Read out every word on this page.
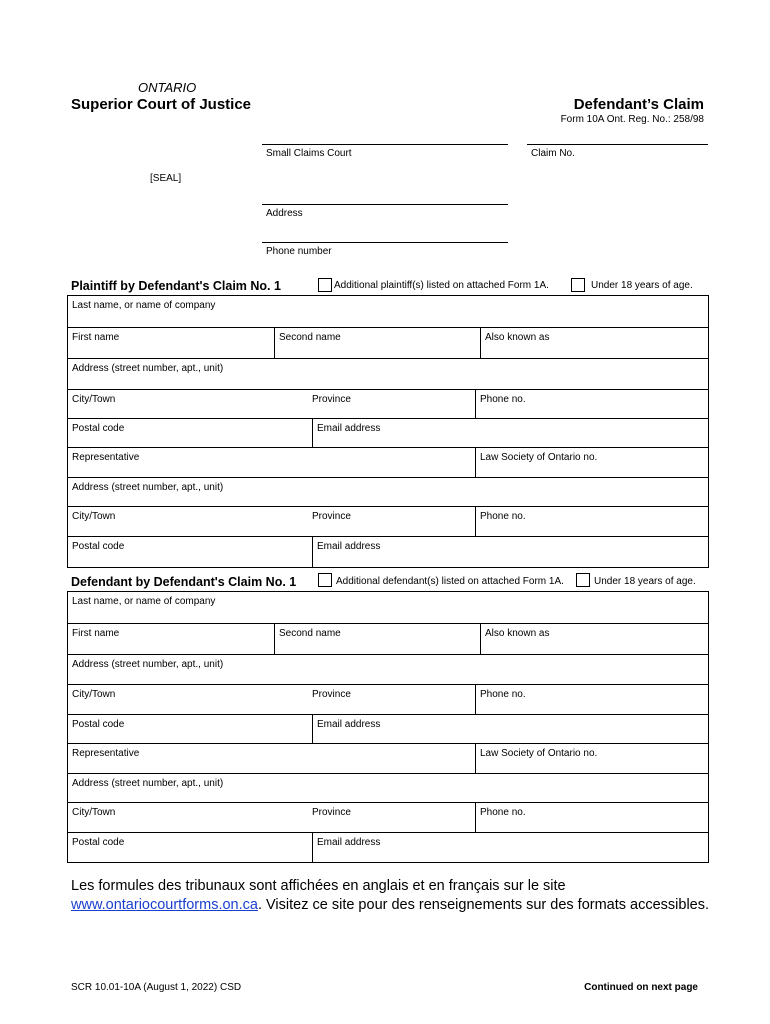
ONTARIO
Superior Court of Justice	Defendant’s Claim
Form 10A Ont. Reg. No.: 258/98
Small Claims Court	Claim No.
[SEAL]
Address
Phone number
Plaintiff by Defendant's Claim No. 1	Additional plaintiff(s) listed on attached Form 1A.	Under 18 years of age.
Last name, or name of company
First name	Second name	Also known as
Address (street number, apt., unit)
City/Town	Province	Phone no.
Postal code	Email address
Representative	Law Society of Ontario no.
Address (street number, apt., unit)
City/Town	Province	Phone no.
Postal code	Email address
Defendant by Defendant's Claim No. 1	Additional defendant(s) listed on attached Form 1A.	Under 18 years of age.
Last name, or name of company
First name	Second name	Also known as
Address (street number, apt., unit)
City/Town	Province	Phone no.
Postal code	Email address
Representative	Law Society of Ontario no.
Address (street number, apt., unit)
City/Town	Province	Phone no.
Postal code	Email address
Les formules des tribunaux sont affichées en anglais et en français sur le site
www.ontariocourtforms.on.ca. Visitez ce site pour des renseignements sur des formats accessibles.
SCR 10.01-10A (August 1, 2022) CSD	Continued on next page
